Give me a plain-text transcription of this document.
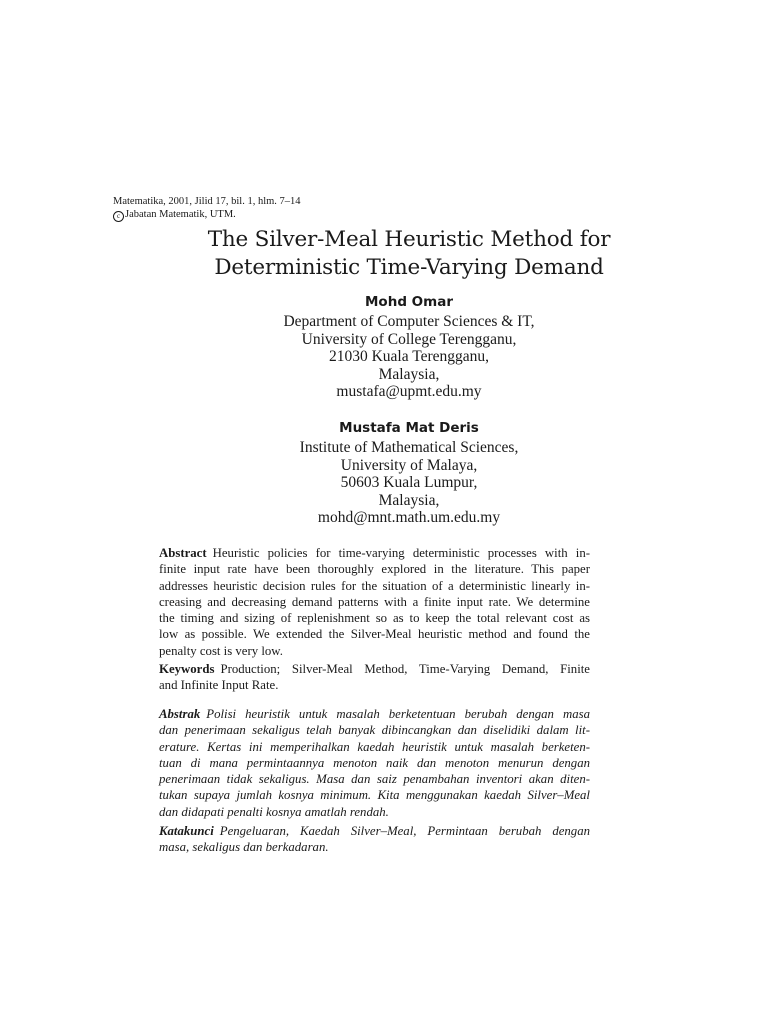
Matematika, 2001, Jilid 17, bil. 1, hlm. 7–14
c Jabatan Matematik, UTM.
The Silver-Meal Heuristic Method for
Deterministic Time-Varying Demand
Mohd Omar
Department of Computer Sciences & IT,
University of College Terengganu,
21030 Kuala Terengganu,
Malaysia,
mustafa@upmt.edu.my
Mustafa Mat Deris
Institute of Mathematical Sciences,
University of Malaya,
50603 Kuala Lumpur,
Malaysia,
mohd@mnt.math.um.edu.my
Abstract Heuristic policies for time-varying deterministic processes with in-
finite input rate have been thoroughly explored in the literature. This paper
addresses heuristic decision rules for the situation of a deterministic linearly in-
creasing and decreasing demand patterns with a finite input rate. We determine
the timing and sizing of replenishment so as to keep the total relevant cost as
low as possible. We extended the Silver-Meal heuristic method and found the
penalty cost is very low.
Keywords Production; Silver-Meal Method, Time-Varying Demand, Finite
and Infinite Input Rate.
Abstrak Polisi heuristik untuk masalah berketentuan berubah dengan masa
dan penerimaan sekaligus telah banyak dibincangkan dan diselidiki dalam lit-
erature. Kertas ini memperihalkan kaedah heuristik untuk masalah berketen-
tuan di mana permintaannya menoton naik dan menoton menurun dengan
penerimaan tidak sekaligus. Masa dan saiz penambahan inventori akan diten-
tukan supaya jumlah kosnya minimum. Kita menggunakan kaedah Silver–Meal
dan didapati penalti kosnya amatlah rendah.
Katakunci Pengeluaran, Kaedah Silver–Meal, Permintaan berubah dengan
masa, sekaligus dan berkadaran.
